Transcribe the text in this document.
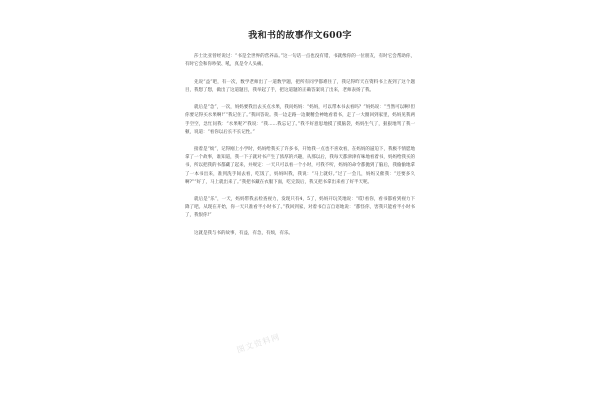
我和书的故事作文600字

莎士比亚曾经说过：“书是全世界的营养品。”这一句话一点也没有错，书就像你的一位朋友，有时它会帮助你，有时它会和你吵架、吼，真是令人头痛。

先说“益”吧，有一次，数学老师出了一道数学题，把所有同学都难住了，我记得昨天在资料书上查到了这个题目，我想了想，做出了这道题目，我举起了手，把这道题的正确答案说了出来，老师表扬了我。

就后是“急”，一次，妈妈要我出去买点水果，我问妈妈：“妈妈，可以带本书去看吗？”妈妈说：“当然可以啊!但你要记得买水果啊!”“我记住了。”我回答说。我一边走路一边聚精会神地看着书，走了一大圈回到家里，妈妈见我两手空空，急忙问我：“水果呢?”我说：“我……我忘记了。”我不好意思地摸了摸脑袋，妈妈生气了，狠狠地骂了我一顿，说道：“看你以后长不长记性。”

接着是“烦”，记得刚上小学时，妈妈给我买了许多书，开始我一点也不喜欢看，在妈妈的逼迫下，我极不情愿地拿了一个故事，谁知道，我一下子就对书产生了浓厚的兴趣，从那以后，我每天都津津有味地看着书，妈妈给我买的书，所以把我的书都藏了起来，并规定：一天只可以看一个小时，可我不听，妈妈的命令都抛到了脑后，我偷偷地拿了一本书出来，准到洗手间去看，吃饭了，妈妈叫我，我说：“马上就好。”过了一会儿，妈妈又催我：“还要多久啊?”“好了，马上就出来了。”我把书藏在衣服下面，吃完饭后，我又把书拿出来看了好半天呢。

就后是“乐”，一天，妈妈带我去检查视力，发现只有4，5了，妈妈开玩笑地说：“哎!看你，看书都看到视力下降了吧。从现在开始，你一天只准看半小时书了。”我回到家，对着书自言自语地说：“都怪你，害我只能看半小时书了，我恨你!”

这就是我与书的故事，有益，有急，有烦，有乐。

图文资料网
